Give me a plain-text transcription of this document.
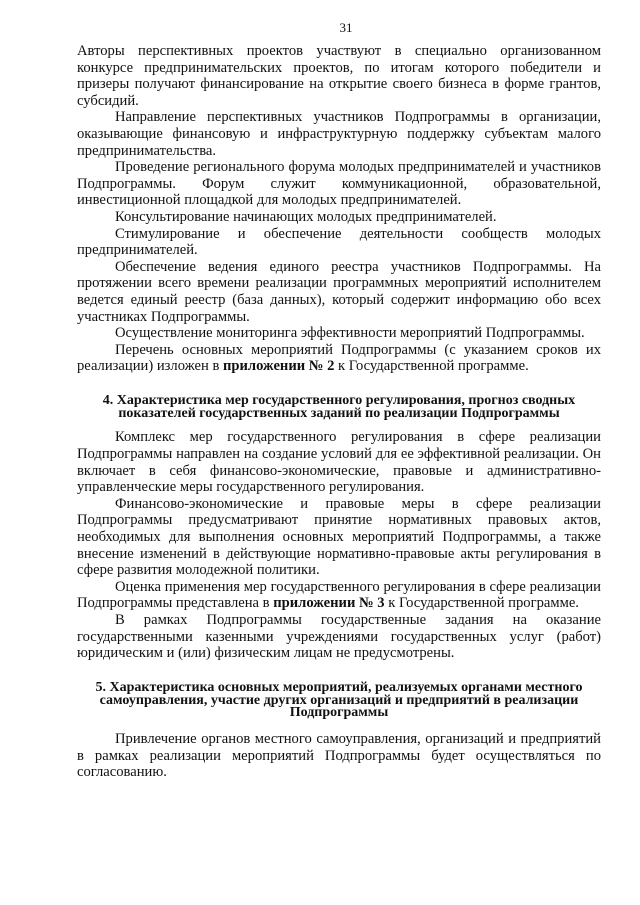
31

Авторы перспективных проектов участвуют в специально организованном конкурсе предпринимательских проектов, по итогам которого победители и призеры получают финансирование на открытие своего бизнеса в форме грантов, субсидий.

Направление перспективных участников Подпрограммы в организации, оказывающие финансовую и инфраструктурную поддержку субъектам малого предпринимательства.

Проведение регионального форума молодых предпринимателей и участников Подпрограммы. Форум служит коммуникационной, образовательной, инвестиционной площадкой для молодых предпринимателей.

Консультирование начинающих молодых предпринимателей.

Стимулирование и обеспечение деятельности сообществ молодых предпринимателей.

Обеспечение ведения единого реестра участников Подпрограммы. На протяжении всего времени реализации программных мероприятий исполнителем ведется единый реестр (база данных), который содержит информацию обо всех участниках Подпрограммы.

Осуществление мониторинга эффективности мероприятий Подпрограммы.

Перечень основных мероприятий Подпрограммы (с указанием сроков их реализации) изложен в приложении № 2 к Государственной программе.

4. Характеристика мер государственного регулирования, прогноз сводных показателей государственных заданий по реализации Подпрограммы

Комплекс мер государственного регулирования в сфере реализации Подпрограммы направлен на создание условий для ее эффективной реализации. Он включает в себя финансово-экономические, правовые и административно-управленческие меры государственного регулирования.

Финансово-экономические и правовые меры в сфере реализации Подпрограммы предусматривают принятие нормативных правовых актов, необходимых для выполнения основных мероприятий Подпрограммы, а также внесение изменений в действующие нормативно-правовые акты регулирования в сфере развития молодежной политики.

Оценка применения мер государственного регулирования в сфере реализации Подпрограммы представлена в приложении № 3 к Государственной программе.

В рамках Подпрограммы государственные задания на оказание государственными казенными учреждениями государственных услуг (работ) юридическим и (или) физическим лицам не предусмотрены.

5. Характеристика основных мероприятий, реализуемых органами местного самоуправления, участие других организаций и предприятий в реализации Подпрограммы

Привлечение органов местного самоуправления, организаций и предприятий в рамках реализации мероприятий Подпрограммы будет осуществляться по согласованию.
